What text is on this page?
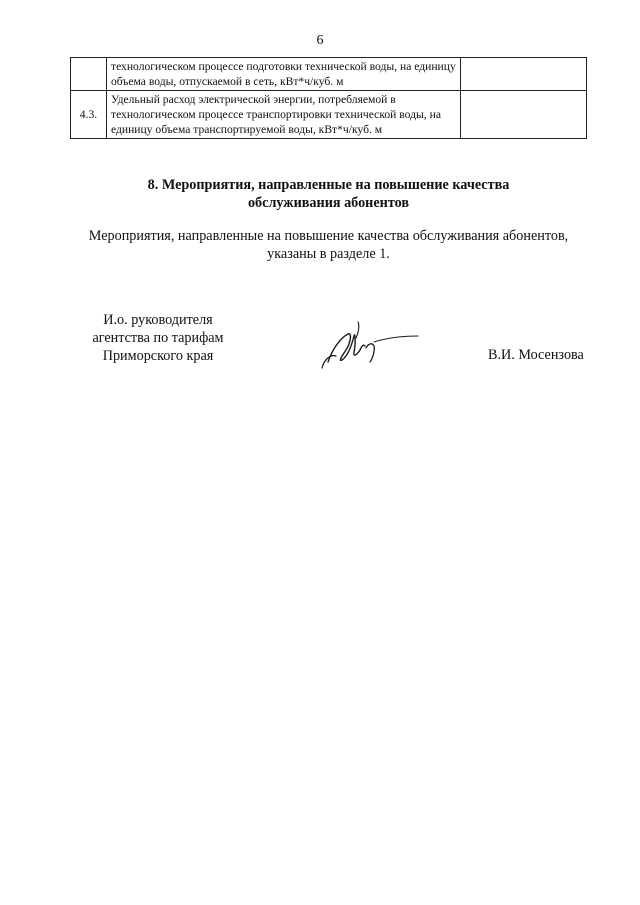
6
	технологическом процессе подготовки технической воды, на единицу объема воды, отпускаемой в сеть, кВт*ч/куб. м	
4.3.	Удельный расход электрической энергии, потребляемой в технологическом процессе транспортировки технической воды, на единицу объема транспортируемой воды, кВт*ч/куб. м	
8. Мероприятия, направленные на повышение качества
обслуживания абонентов
Мероприятия, направленные на повышение качества обслуживания абонентов,
указаны в разделе 1.
И.о. руководителя
агентства по тарифам
Приморского края	В.И. Мосензова
